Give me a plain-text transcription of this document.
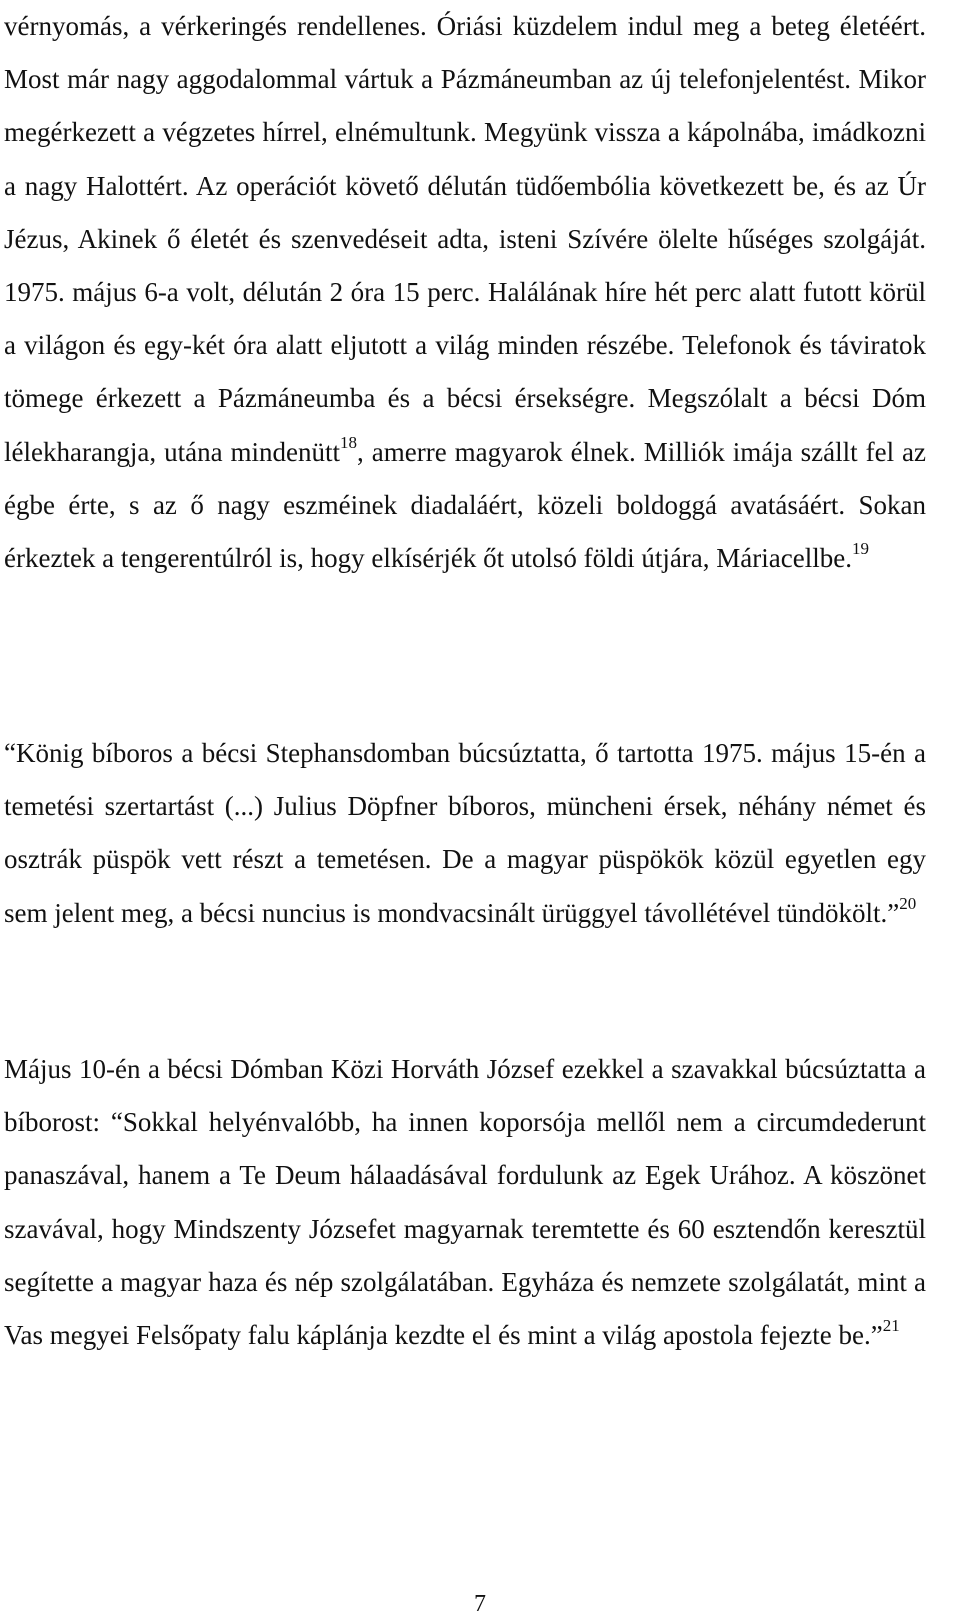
vérnyomás, a vérkeringés rendellenes. Óriási küzdelem indul meg a beteg életéért. Most már nagy aggodalommal vártuk a Pázmáneumban az új telefonjelentést. Mikor megérkezett a végzetes hírrel, elnémultunk. Megyünk vissza a kápolnába, imádkozni a nagy Halottért. Az operációt követő délután tüdőembólia következett be, és az Úr Jézus, Akinek ő életét és szenvedéseit adta, isteni Szívére ölelte hűséges szolgáját. 1975. május 6-a volt, délután 2 óra 15 perc. Halálának híre hét perc alatt futott körül a világon és egy-két óra alatt eljutott a világ minden részébe. Telefonok és táviratok tömege érkezett a Pázmáneumba és a bécsi érsekségre. Megszólalt a bécsi Dóm lélekharangja, utána mindenütt$^{18}$, amerre magyarok élnek. Milliók imája szállt fel az égbe érte, s az ő nagy eszméinek diadaláért, közeli boldoggá avatásáért. Sokan érkeztek a tengerentúlról is, hogy elkísérjék őt utolsó földi útjára, Máriacellbe.$^{19}$

“König bíboros a bécsi Stephansdomban búcsúztatta, ő tartotta 1975. május 15-én a temetési szertartást (...) Julius Döpfner bíboros, müncheni érsek, néhány német és osztrák püspök vett részt a temetésen. De a magyar püspökök közül egyetlen egy sem jelent meg, a bécsi nuncius is mondvacsinált ürüggyel távollétével tündökölt.”$^{20}$

Május 10-én a bécsi Dómban Közi Horváth József ezekkel a szavakkal búcsúztatta a bíborost: “Sokkal helyénvalóbb, ha innen koporsója mellől nem a circumdederunt panaszával, hanem a Te Deum hálaadásával fordulunk az Egek Urához. A köszönet szavával, hogy Mindszenty Józsefet magyarnak teremtette és 60 esztendőn keresztül segítette a magyar haza és nép szolgálatában. Egyháza és nemzete szolgálatát, mint a Vas megyei Felsőpaty falu káplánja kezdte el és mint a világ apostola fejezte be.”$^{21}$

7
